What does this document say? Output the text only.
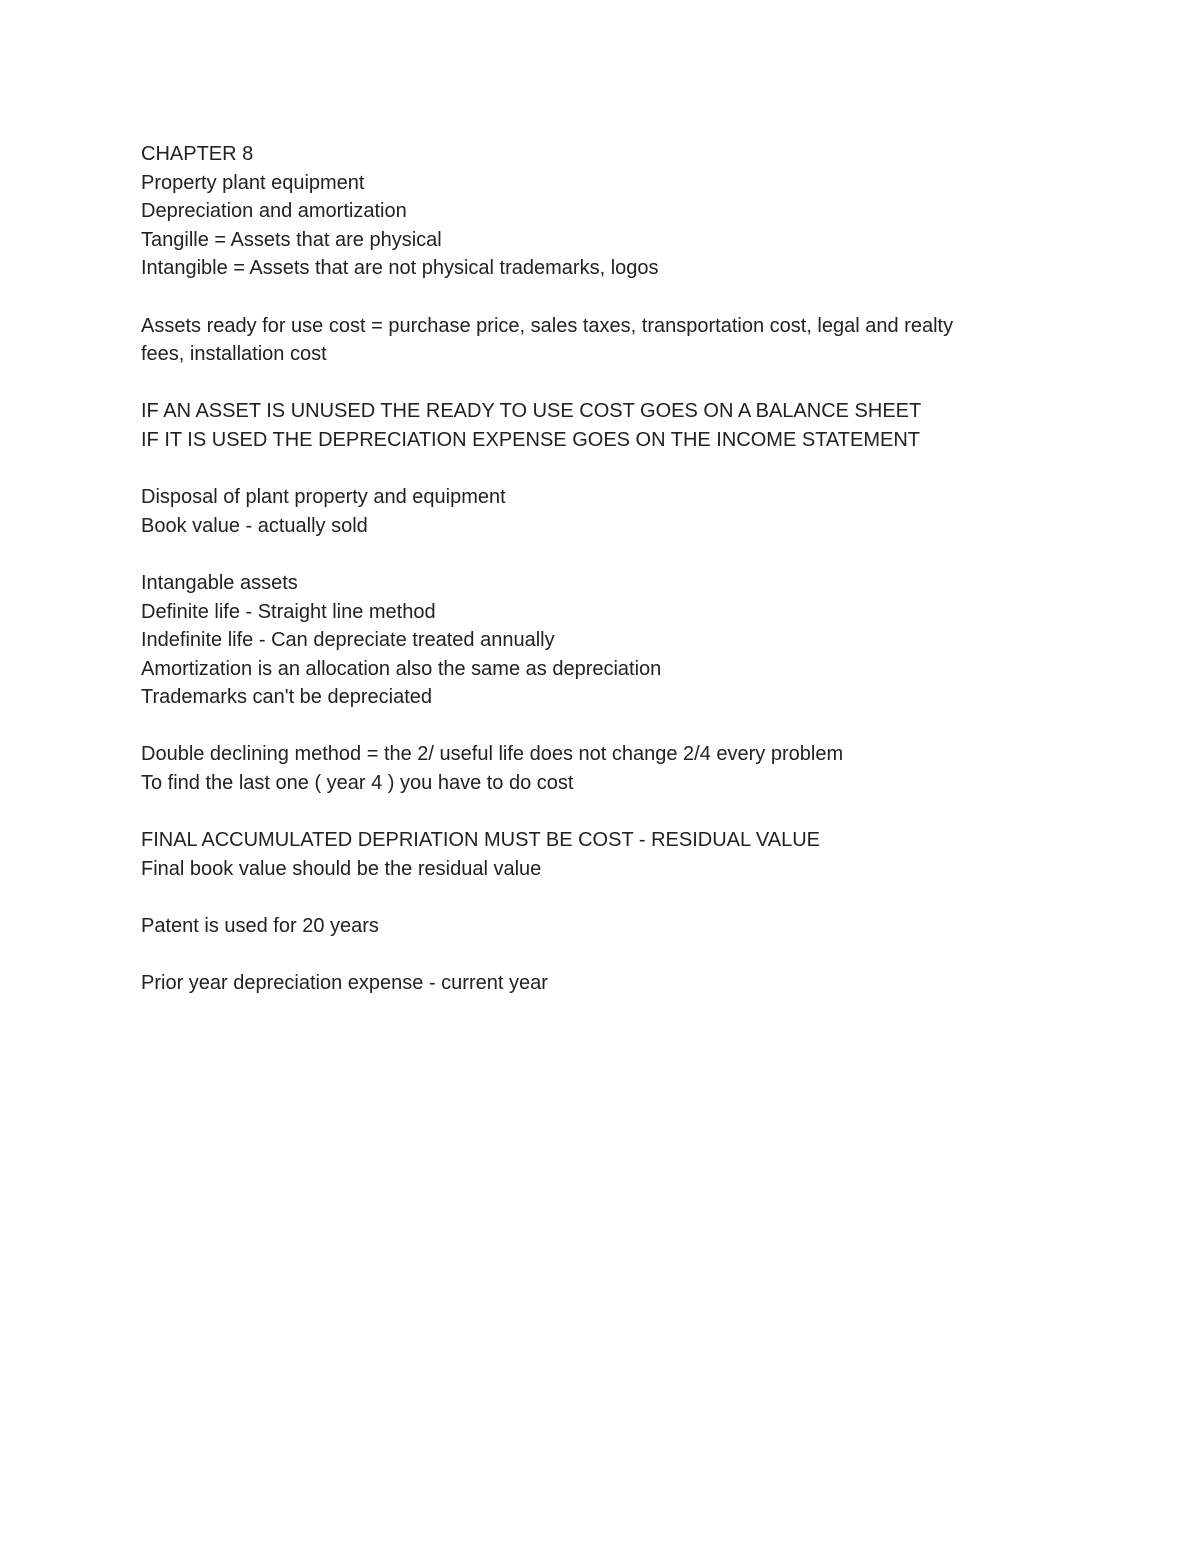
CHAPTER 8
Property plant equipment
Depreciation and amortization
Tangille = Assets that are physical
Intangible = Assets that are not physical trademarks, logos
Assets ready for use cost = purchase price, sales taxes, transportation cost, legal and realty
fees, installation cost
IF AN ASSET IS UNUSED THE READY TO USE COST GOES ON A BALANCE SHEET
IF IT IS USED THE DEPRECIATION EXPENSE GOES ON THE INCOME STATEMENT
Disposal of plant property and equipment
Book value - actually sold
Intangable assets
Definite life - Straight line method
Indefinite life - Can depreciate treated annually
Amortization is an allocation also the same as depreciation
Trademarks can't be depreciated
Double declining method = the 2/ useful life does not change 2/4 every problem
To find the last one ( year 4 ) you have to do cost
FINAL ACCUMULATED DEPRIATION MUST BE COST - RESIDUAL VALUE
Final book value should be the residual value
Patent is used for 20 years
Prior year depreciation expense - current year
